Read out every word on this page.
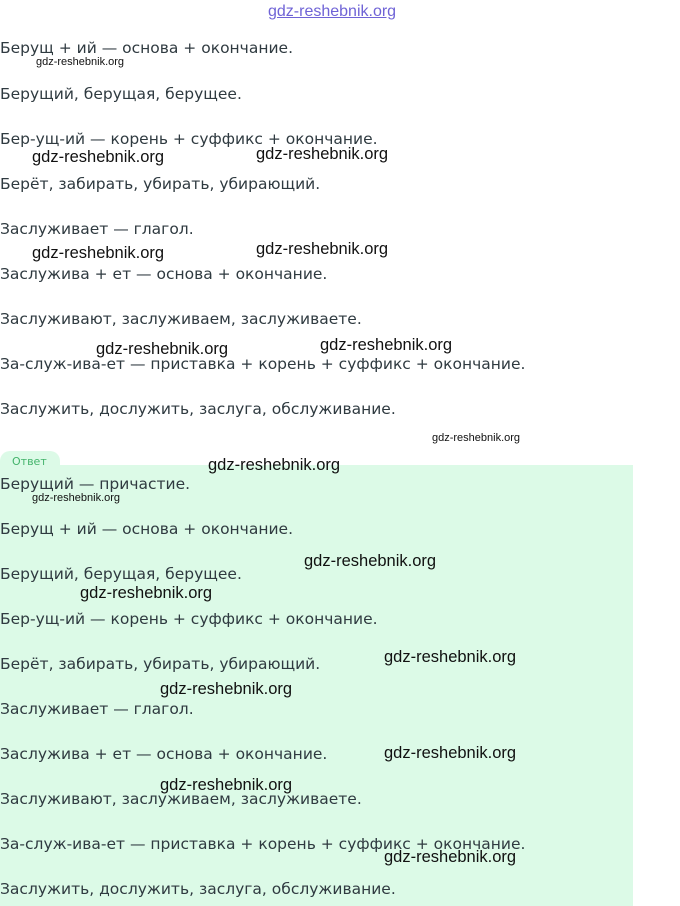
gdz-reshebnik.org
Берущ + ий — основа + окончание.
Берущий, берущая, берущее.
Бер-ущ-ий — корень + суффикс + окончание.
Берёт, забирать, убирать, убирающий.
Заслуживает — глагол.
Заслужива + ет — основа + окончание.
Заслуживают, заслуживаем, заслуживаете.
За-служ-ива-ет — приставка + корень + суффикс + окончание.
Заслужить, дослужить, заслуга, обслуживание.
Ответ
Берущий — причастие.
Берущ + ий — основа + окончание.
Берущий, берущая, берущее.
Бер-ущ-ий — корень + суффикс + окончание.
Берёт, забирать, убирать, убирающий.
Заслуживает — глагол.
Заслужива + ет — основа + окончание.
Заслуживают, заслуживаем, заслуживаете.
За-служ-ива-ет — приставка + корень + суффикс + окончание.
Заслужить, дослужить, заслуга, обслуживание.
gdz-reshebnik.org
gdz-reshebnik.org	gdz-reshebnik.org
gdz-reshebnik.org	gdz-reshebnik.org
gdz-reshebnik.org	gdz-reshebnik.org
gdz-reshebnik.org
gdz-reshebnik.org
gdz-reshebnik.org
gdz-reshebnik.org
gdz-reshebnik.org
gdz-reshebnik.org
gdz-reshebnik.org
gdz-reshebnik.org
gdz-reshebnik.org
gdz-reshebnik.org
